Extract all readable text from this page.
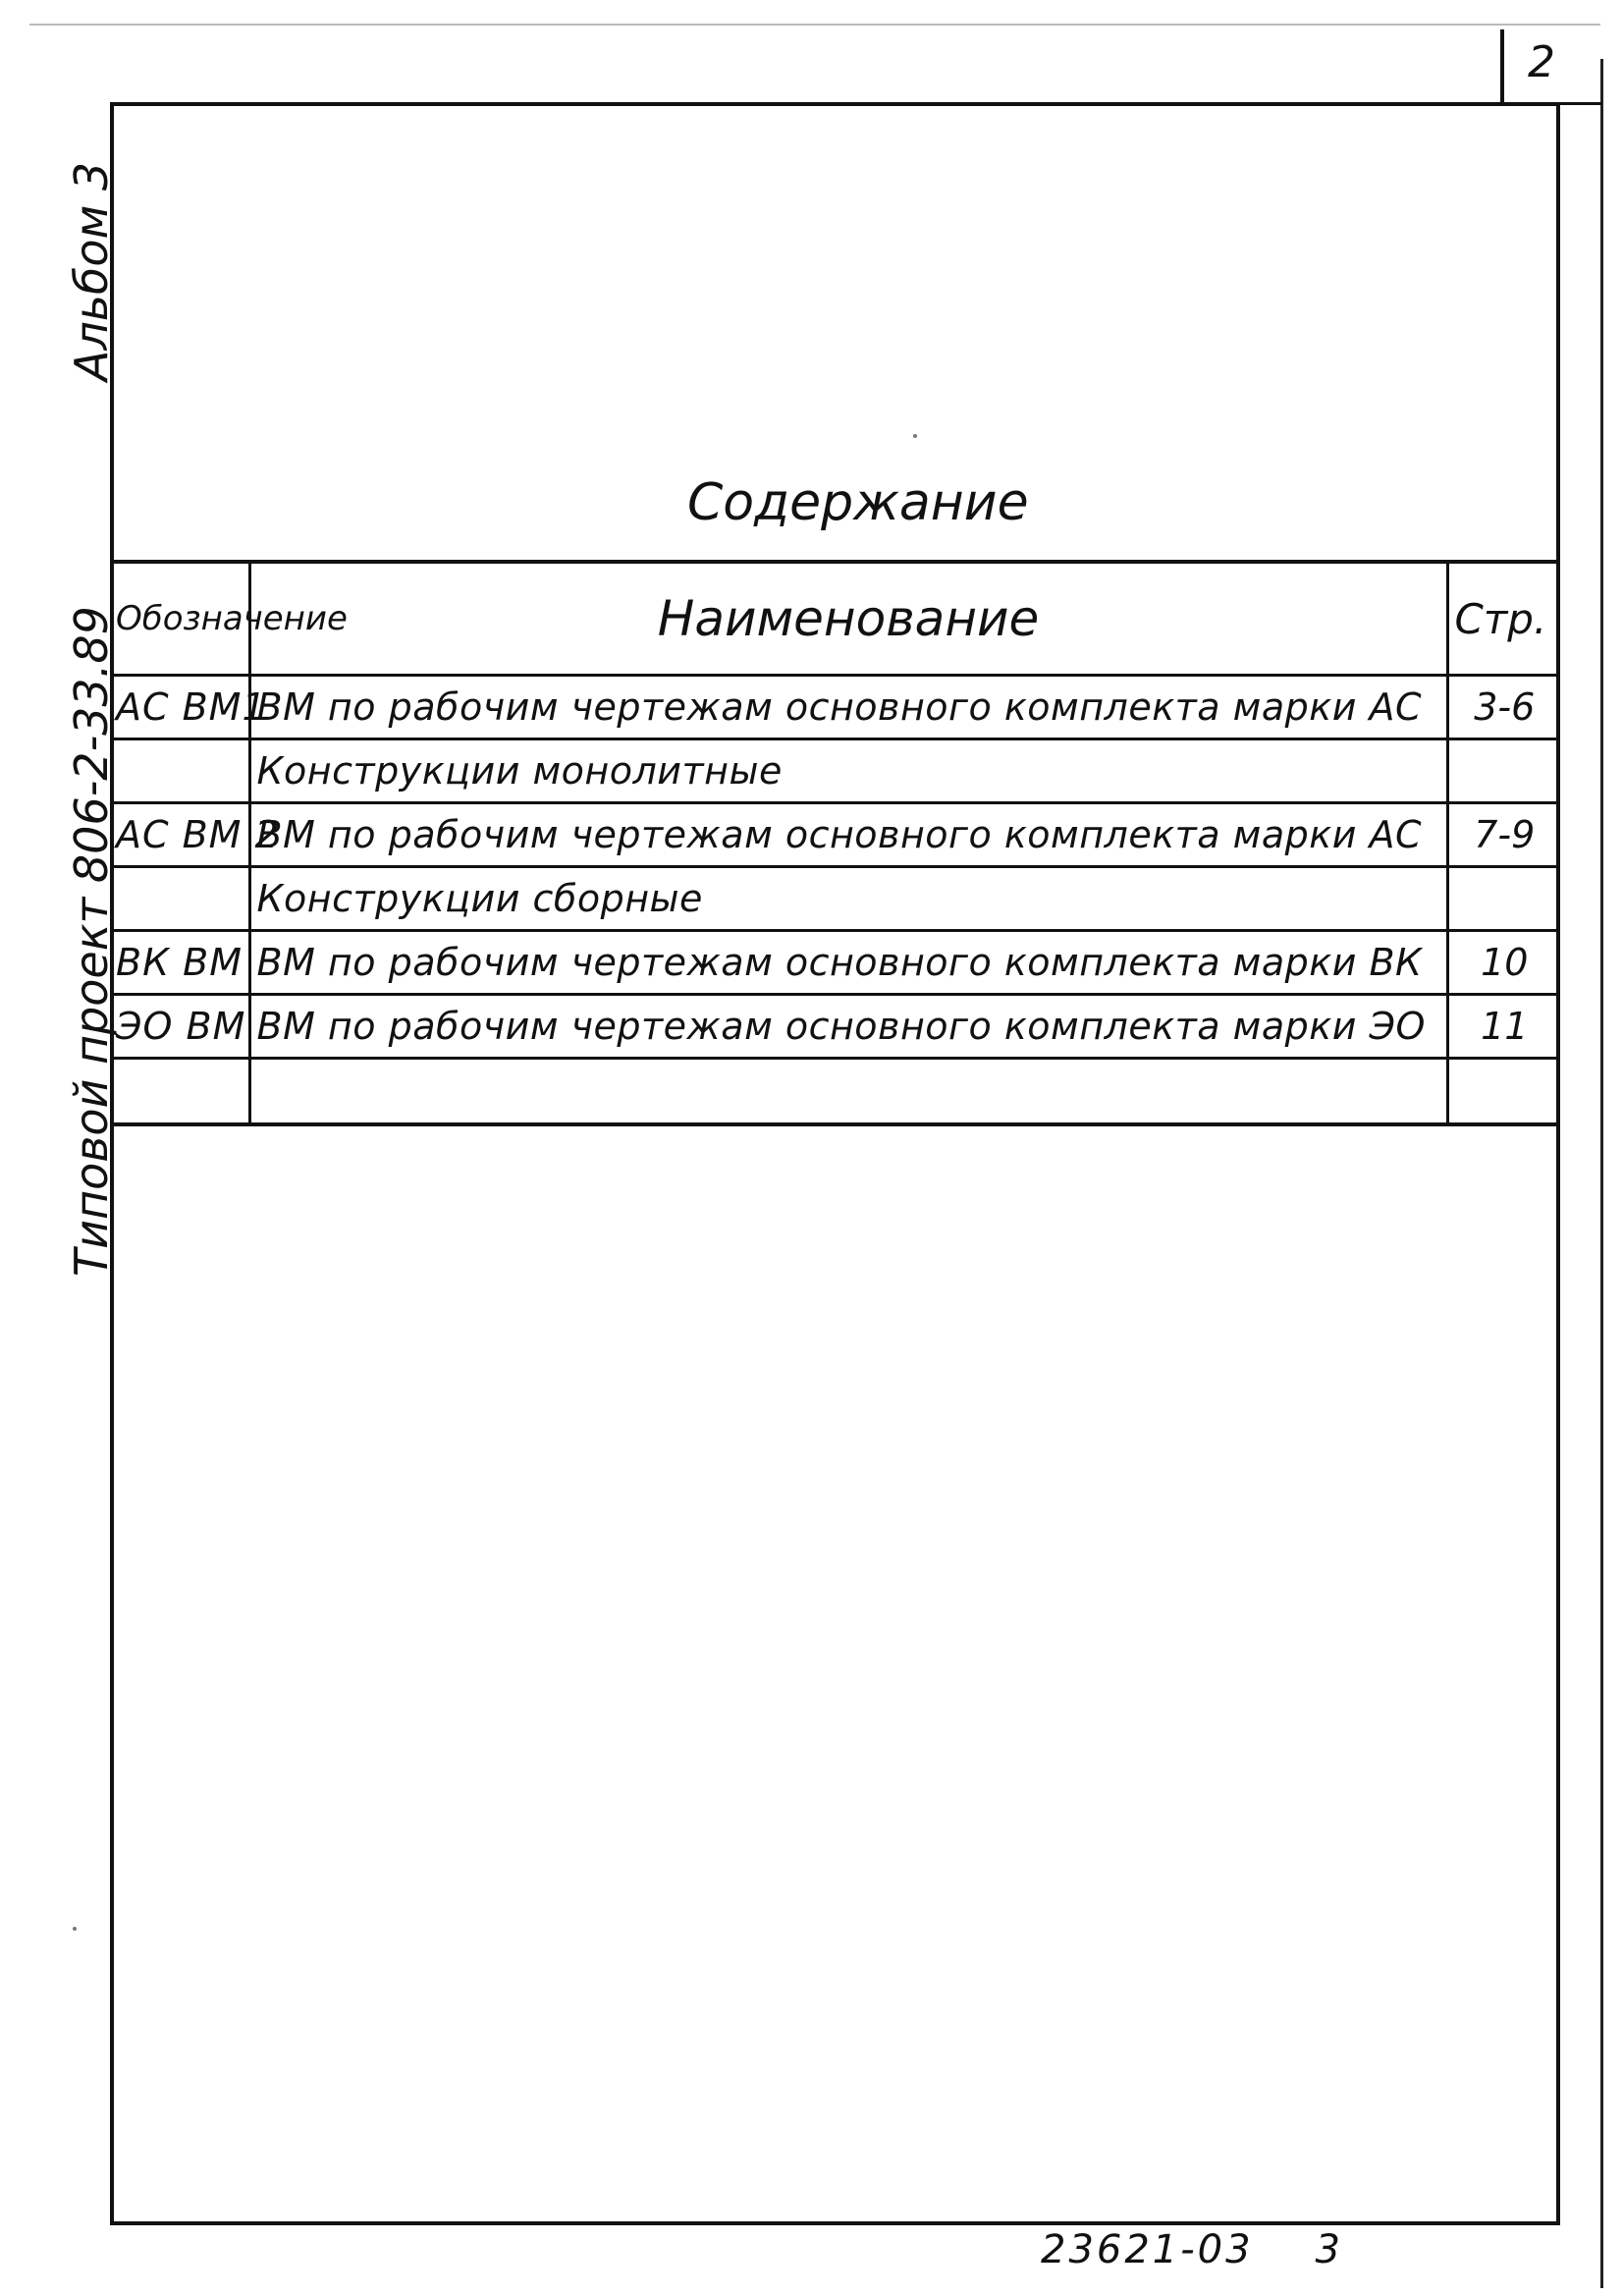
2
Альбом 3
Типовой проект 806-2-33.89
Содержание
Обозначение	Наименование	Стр.
АС ВМ1	ВМ по рабочим чертежам основного комплекта марки АС	3-6
	Конструкции монолитные	
АС ВМ 2	ВМ по рабочим чертежам основного комплекта марки АС	7-9
	Конструкции сборные	
ВК ВМ	ВМ по рабочим чертежам основного комплекта марки ВК	10
ЭО ВМ	ВМ по рабочим чертежам основного комплекта марки ЭО	11

23621-03 3
